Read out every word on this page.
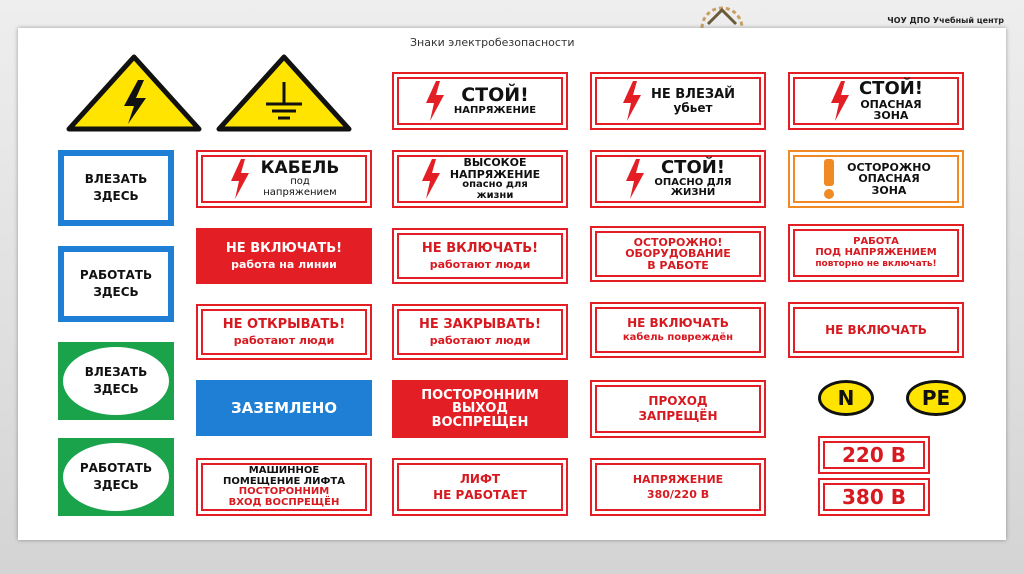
ЧОУ ДПО Учебный центр
Знаки электробезопасности
СТОЙ!
НАПРЯЖЕНИЕ
НЕ ВЛЕЗАЙ
убьет
СТОЙ!
ОПАСНАЯ
ЗОНА
ВЛЕЗАТЬ
ЗДЕСЬ
РАБОТАТЬ
ЗДЕСЬ
ВЛЕЗАТЬ
ЗДЕСЬ
РАБОТАТЬ
ЗДЕСЬ
КАБЕЛЬ
под
напряжением
НЕ ВКЛЮЧАТЬ!
работа на линии
НЕ ОТКРЫВАТЬ!
работают люди
ЗАЗЕМЛЕНО
МАШИННОЕ
ПОМЕЩЕНИЕ ЛИФТА
ПОСТОРОННИМ
ВХОД ВОСПРЕЩЁН
ВЫСОКОЕ
НАПРЯЖЕНИЕ
опасно для
жизни
НЕ ВКЛЮЧАТЬ!
работают люди
НЕ ЗАКРЫВАТЬ!
работают люди
ПОСТОРОННИМ
ВЫХОД
ВОСПРЕЩЕН
ЛИФТ
НЕ РАБОТАЕТ
СТОЙ!
ОПАСНО ДЛЯ
ЖИЗНИ
ОСТОРОЖНО!
ОБОРУДОВАНИЕ
В РАБОТЕ
НЕ ВКЛЮЧАТЬ
кабель повреждён
ПРОХОД
ЗАПРЕЩЁН
НАПРЯЖЕНИЕ
380/220 В
ОСТОРОЖНО
ОПАСНАЯ
ЗОНА
РАБОТА
ПОД НАПРЯЖЕНИЕМ
повторно не включать!
НЕ ВКЛЮЧАТЬ
N	PE
220 В
380 В
